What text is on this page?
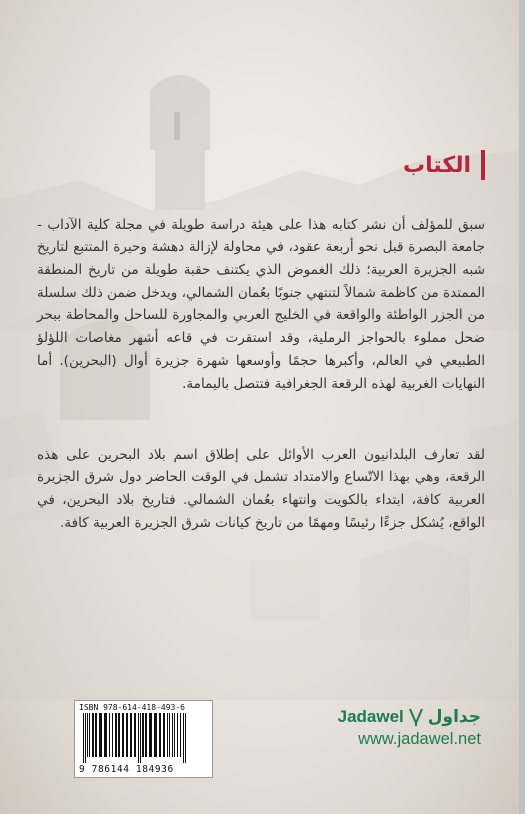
الكتاب

سبق للمؤلف أن نشر كتابه هذا على هيئة دراسة طويلة في مجلة كلية الآداب - جامعة البصرة قبل نحو أربعة عقود، في محاولة لإزالة دهشة وحيرة المتتبع لتاريخ شبه الجزيرة العربية؛ ذلك الغموض الذي يكتنف حقبة طويلة من تاريخ المنطقة الممتدة من كاظمة شمالاً لتنتهي جنوبًا بعُمان الشمالي، ويدخل ضمن ذلك سلسلة من الجزر الواطئة والواقعة في الخليج العربي والمجاورة للساحل والمحاطة ببحر ضحل مملوء بالحواجز الرملية، وقد استقرت في قاعه أشهر مغاصات اللؤلؤ الطبيعي في العالم، وأكبرها حجمًا وأوسعها شهرة جزيرة أوال (البحرين). أما النهايات الغربية لهذه الرقعة الجغرافية فتتصل باليمامة.

لقد تعارف البلدانيون العرب الأوائل على إطلاق اسم بلاد البحرين على هذه الرقعة، وهي بهذا الاتّساع والامتداد تشمل في الوقت الحاضر دول شرق الجزيرة العربية كافة، ابتداء بالكويت وانتهاء بعُمان الشمالي. فتاريخ بلاد البحرين، في الواقع، يُشكل جزءًا رئيسًا ومهمًا من تاريخ كيانات شرق الجزيرة العربية كافة.

ISBN 978-614-418-493-6
9 786144 184936
Jadawel جداول
www.jadawel.net
